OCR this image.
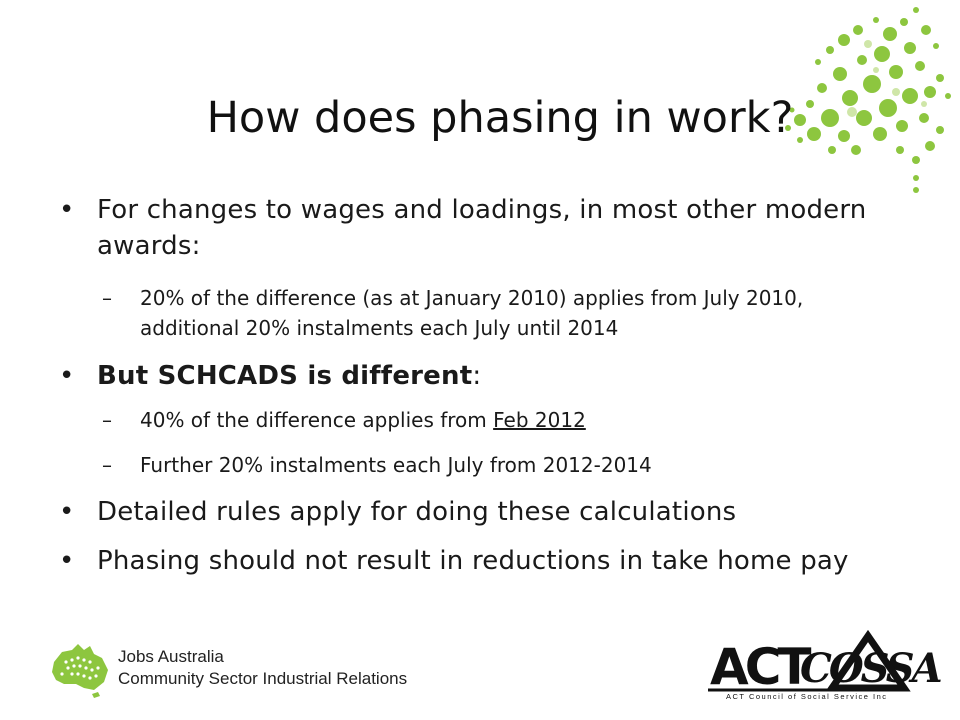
How does phasing in work?

• For changes to wages and loadings, in most other modern awards:

– 20% of the difference (as at January 2010) applies from July 2010, additional 20% instalments each July until 2014

• But SCHCADS is different:

– 40% of the difference applies from Feb 2012

– Further 20% instalments each July from 2012-2014

• Detailed rules apply for doing these calculations

• Phasing should not result in reductions in take home pay

Jobs Australia
Community Sector Industrial Relations	ACT
COSSA
ACT Council of Social Service Inc
